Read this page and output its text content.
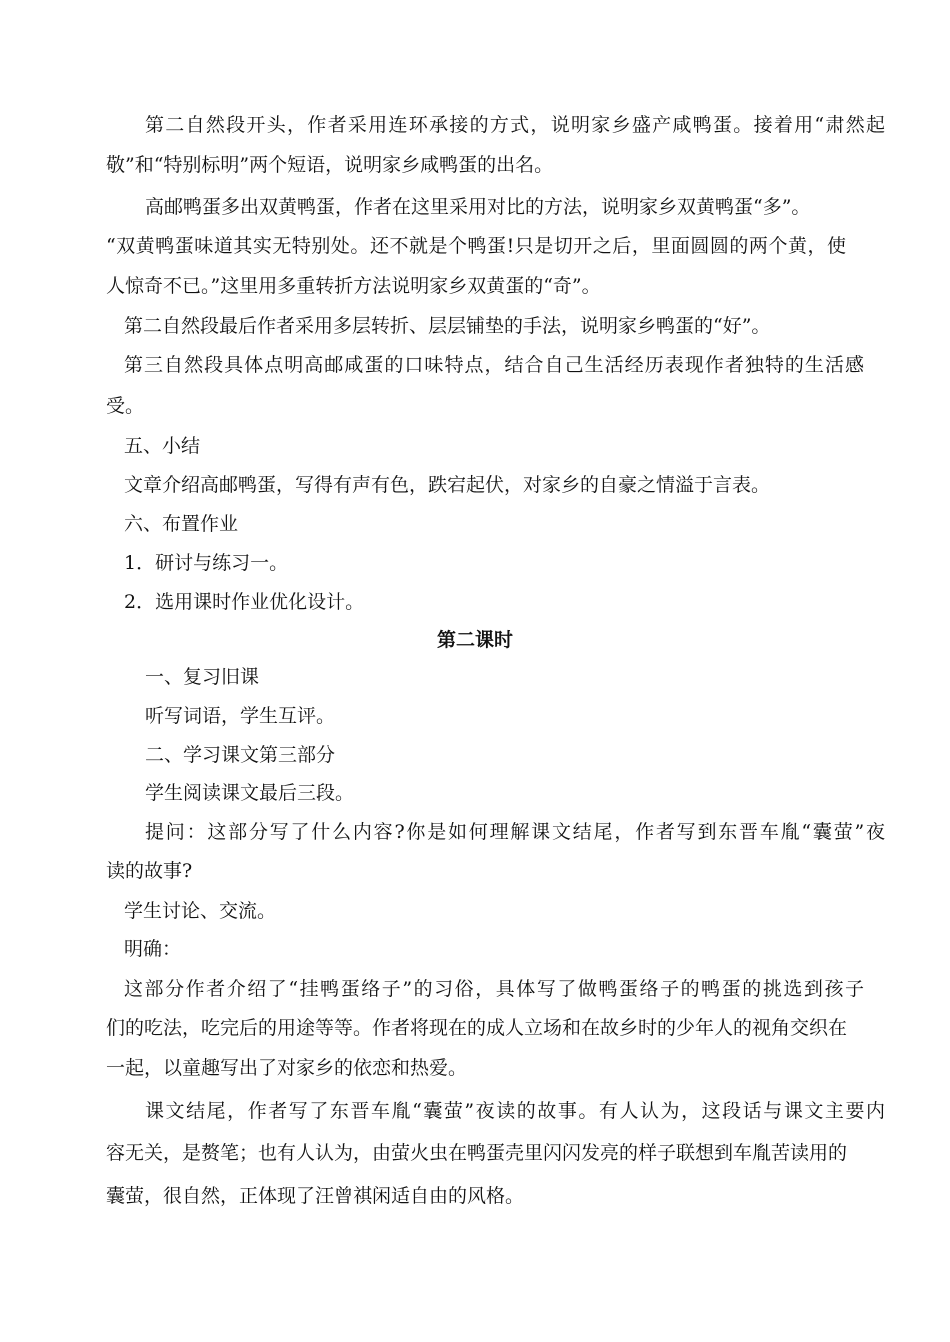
第二自然段开头，作者采用连环承接的方式，说明家乡盛产咸鸭蛋。接着用“肃然起
敬”和“特别标明”两个短语，说明家乡咸鸭蛋的出名。
高邮鸭蛋多出双黄鸭蛋，作者在这里采用对比的方法，说明家乡双黄鸭蛋“多”。
“双黄鸭蛋味道其实无特别处。还不就是个鸭蛋!只是切开之后，里面圆圆的两个黄，使
人惊奇不已。”这里用多重转折方法说明家乡双黄蛋的“奇”。
第二自然段最后作者采用多层转折、层层铺垫的手法，说明家乡鸭蛋的“好”。
第三自然段具体点明高邮咸蛋的口味特点，结合自己生活经历表现作者独特的生活感
受。
五、小结
文章介绍高邮鸭蛋，写得有声有色，跌宕起伏，对家乡的自豪之情溢于言表。
六、布置作业
1．研讨与练习一。
2．选用课时作业优化设计。
第二课时
一、复习旧课
听写词语，学生互评。
二、学习课文第三部分
学生阅读课文最后三段。
提问：这部分写了什么内容?你是如何理解课文结尾，作者写到东晋车胤“囊萤”夜
读的故事?
学生讨论、交流。
明确：
这部分作者介绍了“挂鸭蛋络子”的习俗，具体写了做鸭蛋络子的鸭蛋的挑选到孩子
们的吃法，吃完后的用途等等。作者将现在的成人立场和在故乡时的少年人的视角交织在
一起，以童趣写出了对家乡的依恋和热爱。
课文结尾，作者写了东晋车胤“囊萤”夜读的故事。有人认为，这段话与课文主要内
容无关，是赘笔；也有人认为，由萤火虫在鸭蛋壳里闪闪发亮的样子联想到车胤苦读用的
囊萤，很自然，正体现了汪曾祺闲适自由的风格。
